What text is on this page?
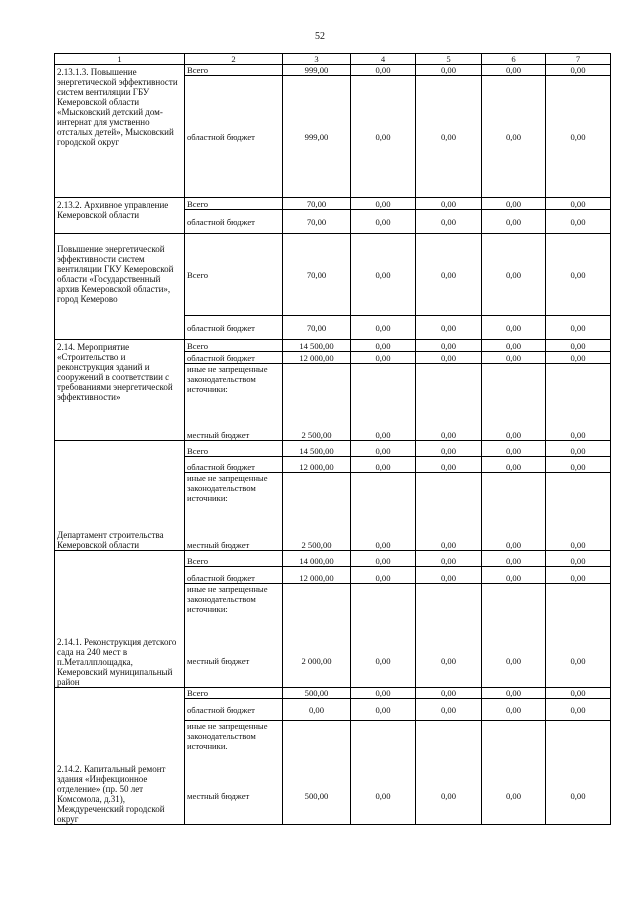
52
1	2	3	4	5	6	7
2.13.1.3. Повышение энергетической эффективности систем вентиляции ГБУ Кемеровской области «Мысковский детский дом-интернат для умственно отсталых детей», Мысковский городской округ	Всего	999,00	0,00	0,00	0,00	0,00
	областной бюджет	999,00	0,00	0,00	0,00	0,00
2.13.2. Архивное управление Кемеровской области	Всего	70,00	0,00	0,00	0,00	0,00
	областной бюджет	70,00	0,00	0,00	0,00	0,00
Повышение энергетической эффективности систем вентиляции ГКУ Кемеровской области «Государственный архив Кемеровской области», город Кемерово	Всего	70,00	0,00	0,00	0,00	0,00
	областной бюджет	70,00	0,00	0,00	0,00	0,00
2.14. Мероприятие «Строительство и реконструкция зданий и сооружений в соответствии с требованиями энергетической эффективности»	Всего	14 500,00	0,00	0,00	0,00	0,00
	областной бюджет	12 000,00	0,00	0,00	0,00	0,00
	иные не запрещенные законодательством источники:					
	местный бюджет	2 500,00	0,00	0,00	0,00	0,00
Департамент строительства Кемеровской области	Всего	14 500,00	0,00	0,00	0,00	0,00
	областной бюджет	12 000,00	0,00	0,00	0,00	0,00
	иные не запрещенные законодательством источники:					
	местный бюджет	2 500,00	0,00	0,00	0,00	0,00
2.14.1. Реконструкция детского сада на 240 мест в п.Металлплощадка, Кемеровский муниципальный район	Всего	14 000,00	0,00	0,00	0,00	0,00
	областной бюджет	12 000,00	0,00	0,00	0,00	0,00
	иные не запрещенные законодательством источники:					
	местный бюджет	2 000,00	0,00	0,00	0,00	0,00
2.14.2. Капитальный ремонт здания «Инфекционное отделение» (пр. 50 лет Комсомола, д.31), Междуреченский городской округ	Всего	500,00	0,00	0,00	0,00	0,00
	областной бюджет	0,00	0,00	0,00	0,00	0,00
	иные не запрещенные законодательством источники.					
	местный бюджет	500,00	0,00	0,00	0,00	0,00
